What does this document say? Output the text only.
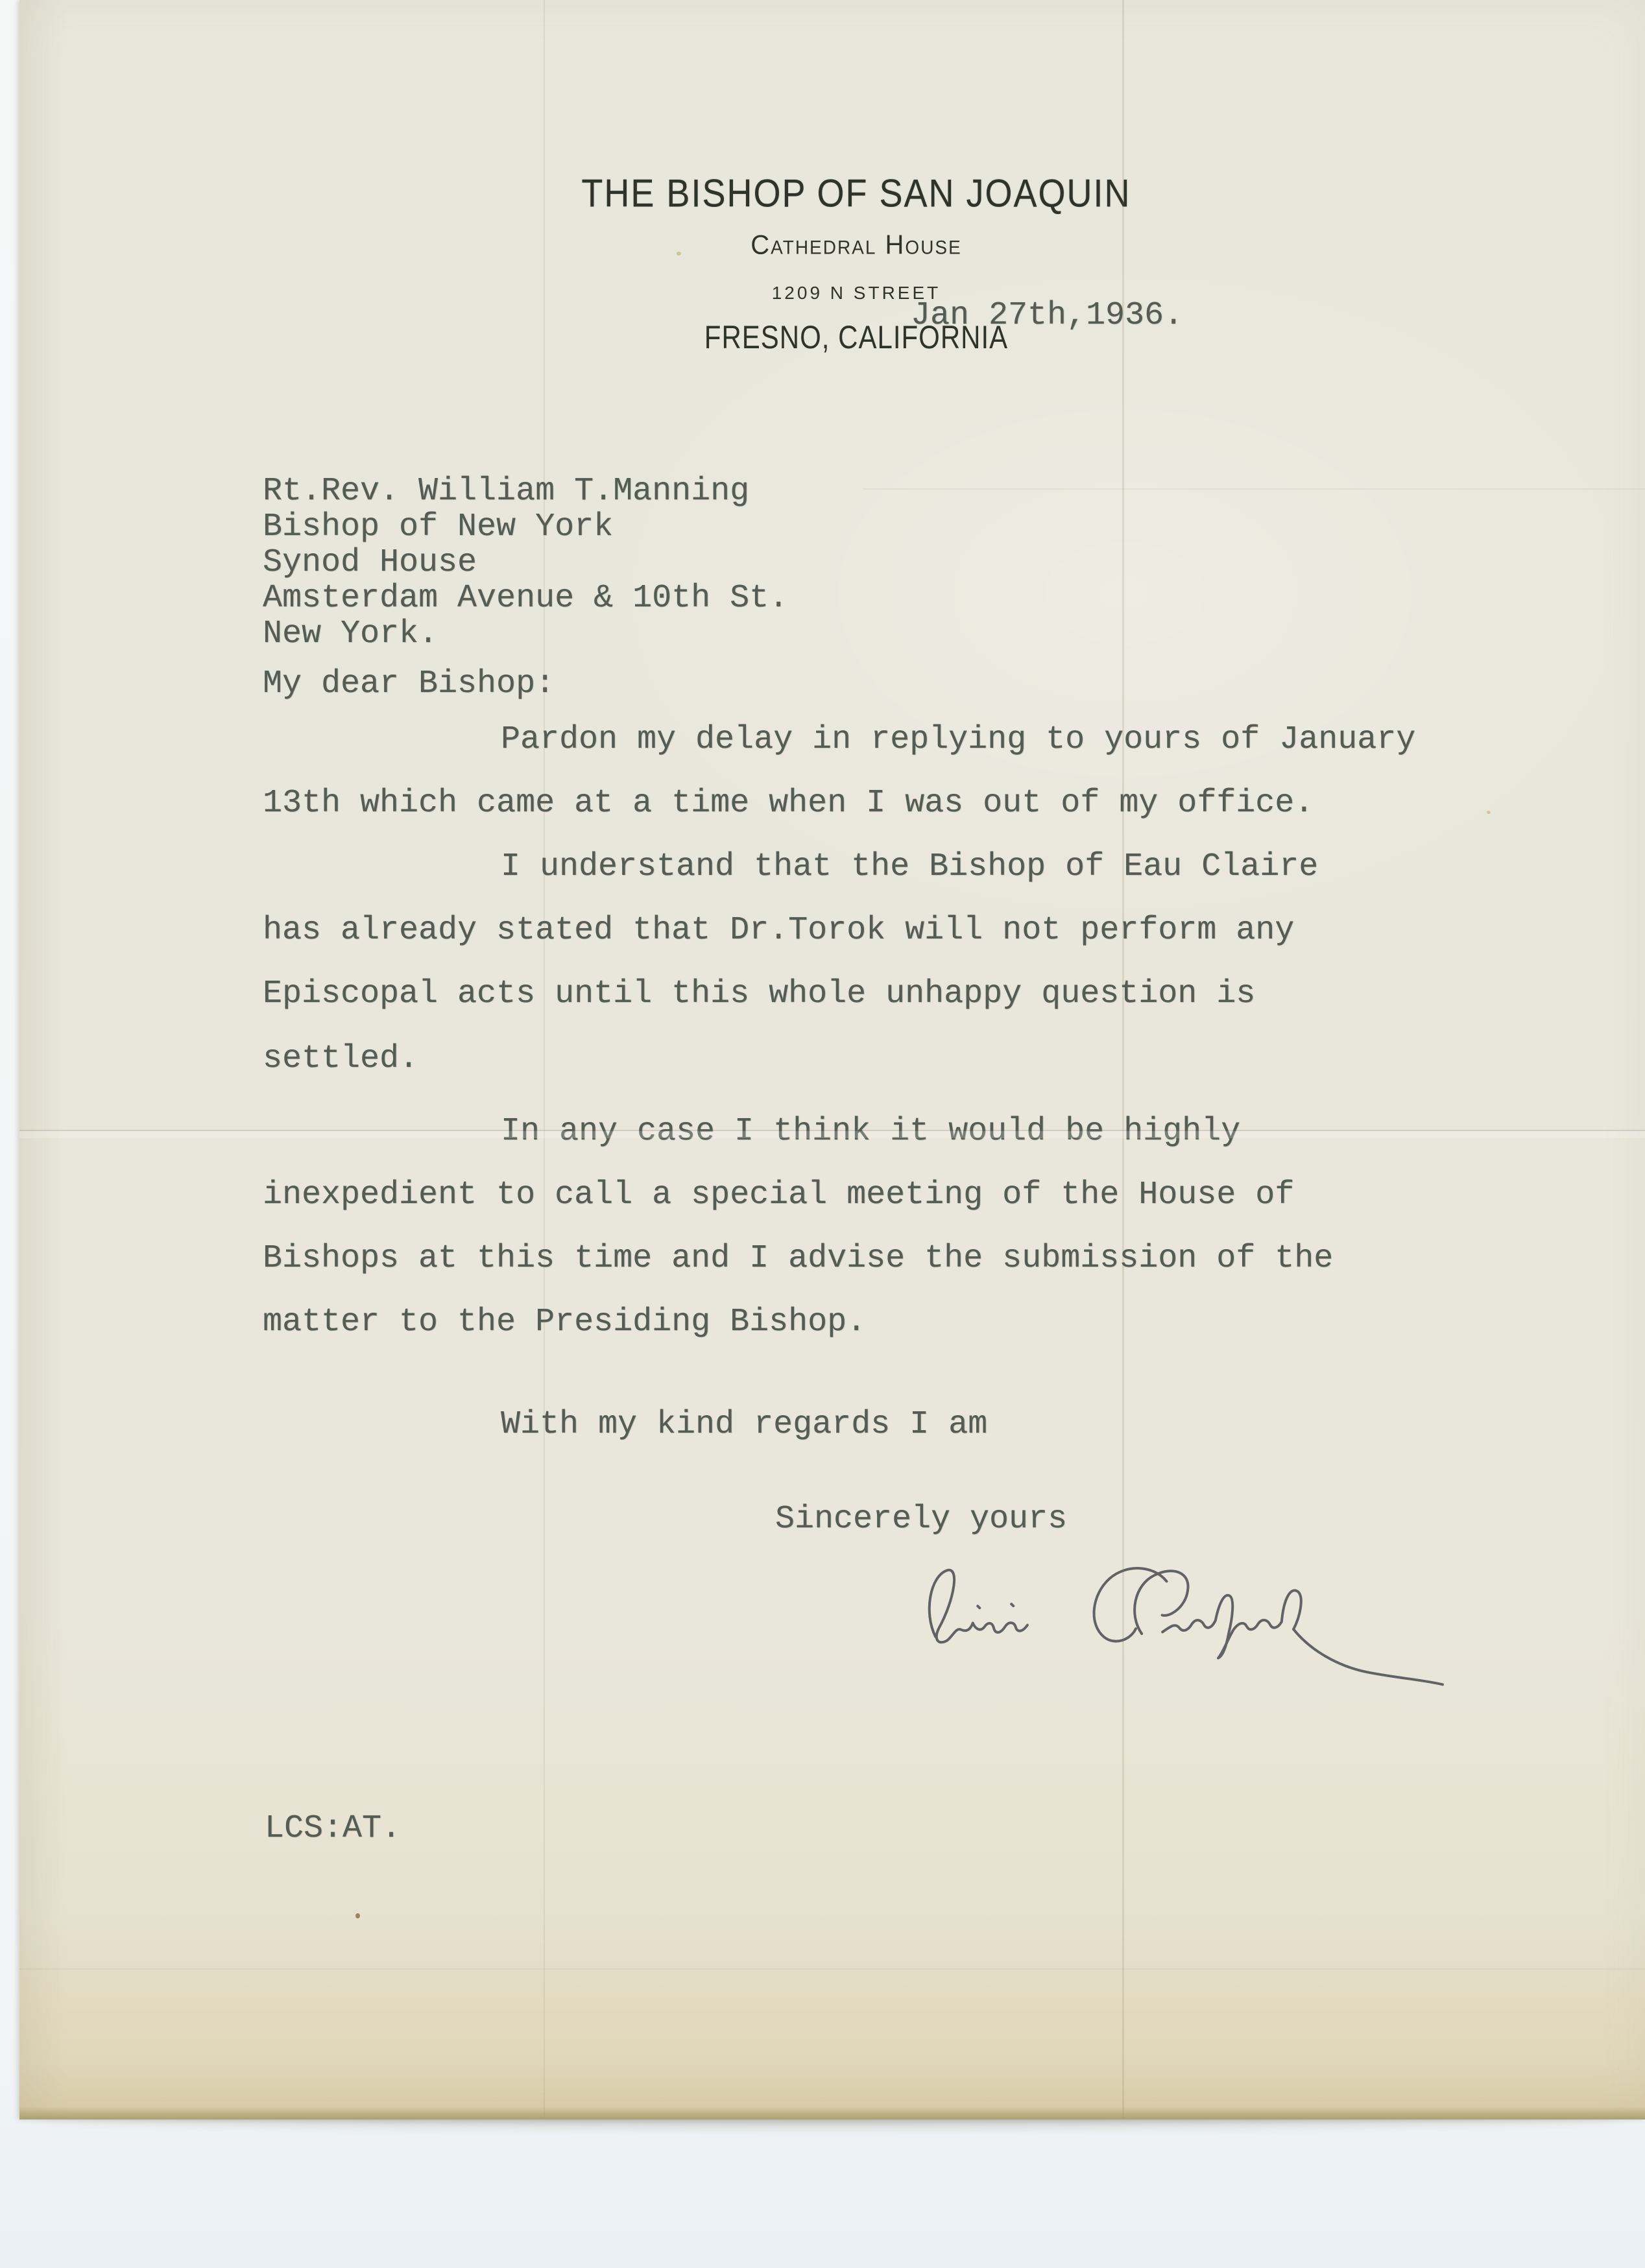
THE BISHOP OF SAN JOAQUIN
Cathedral House
1209 N STREET
FRESNO, CALIFORNIA
Jan 27th,1936.
Rt.Rev. William T.Manning
Bishop of New York
Synod House
Amsterdam Avenue & 10th St.
New York.
My dear Bishop:
Pardon my delay in replying to yours of January
13th which came at a time when I was out of my office.
I understand that the Bishop of Eau Claire
has already stated that Dr.Torok will not perform any
Episcopal acts until this whole unhappy question is
settled.
In any case I think it would be highly
inexpedient to call a special meeting of the House of
Bishops at this time and I advise the submission of the
matter to the Presiding Bishop.
With my kind regards I am
Sincerely yours
LCS:AT.
